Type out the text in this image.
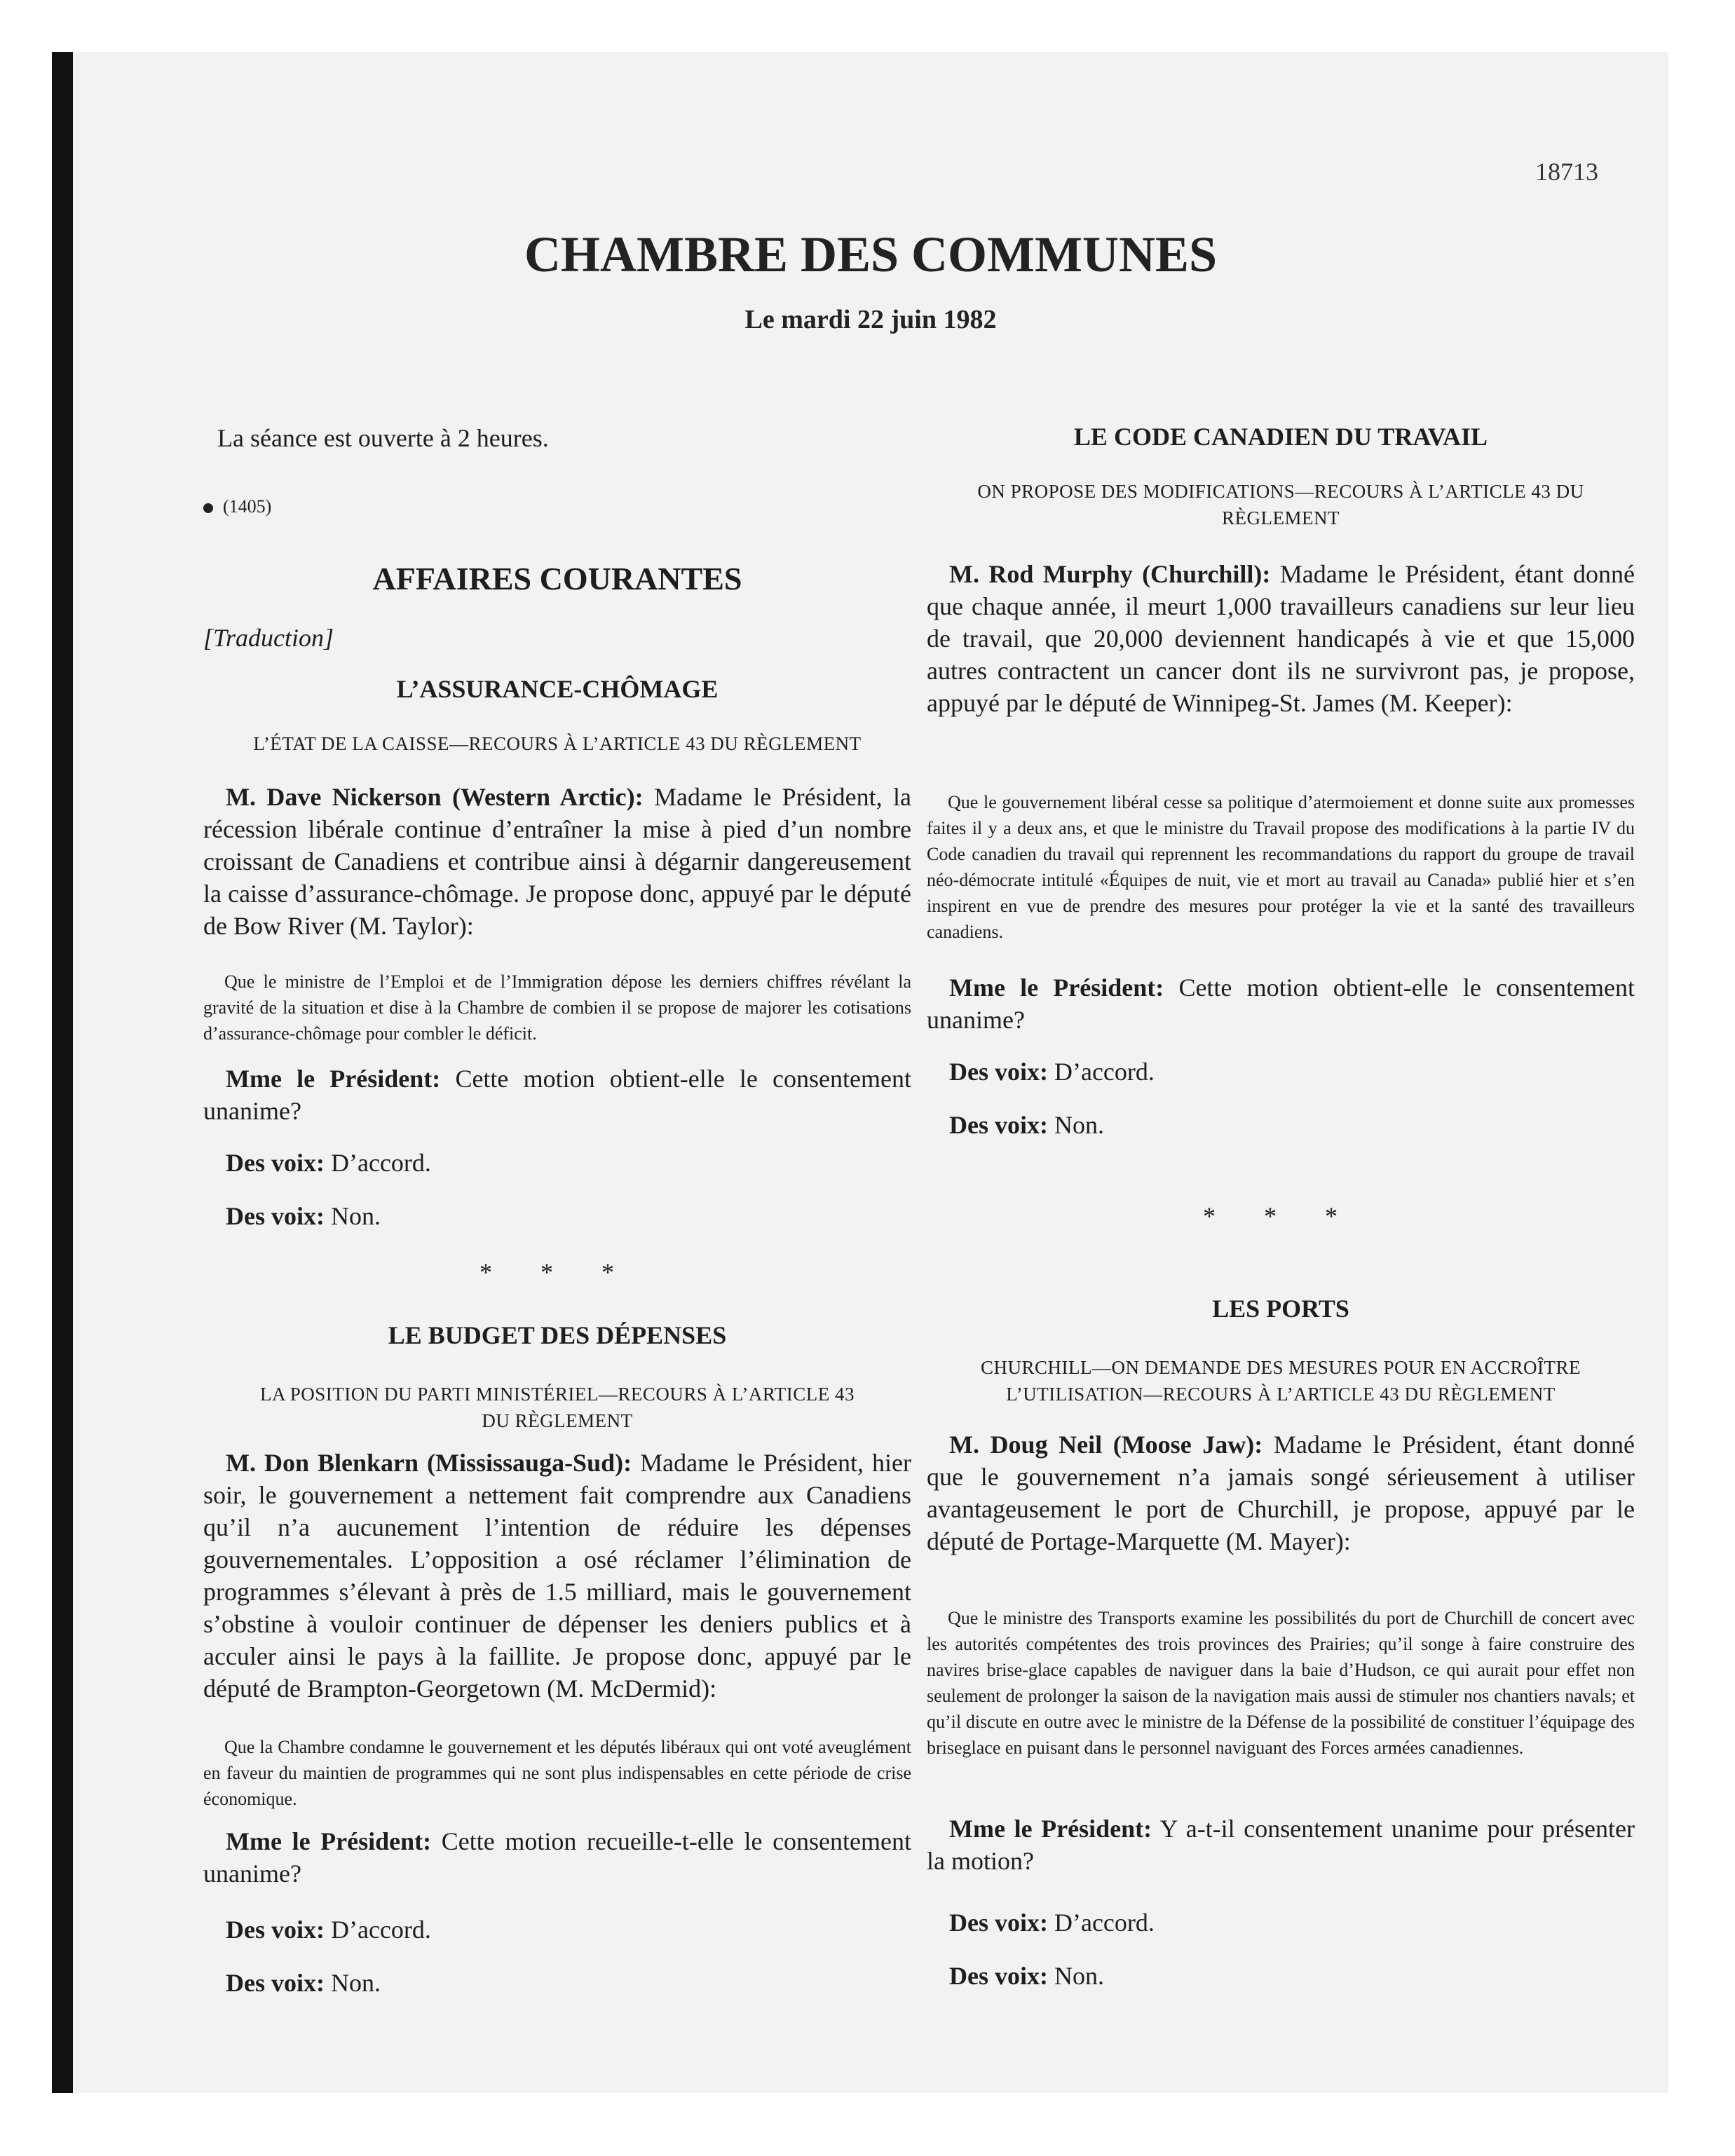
18713

CHAMBRE DES COMMUNES

Le mardi 22 juin 1982

La séance est ouverte à 2 heures.

(1405)

AFFAIRES COURANTES

[Traduction]

L’ASSURANCE-CHÔMAGE

L’ÉTAT DE LA CAISSE—RECOURS À L’ARTICLE 43 DU RÈGLEMENT

M. Dave Nickerson (Western Arctic): Madame le Président, la récession libérale continue d’entraîner la mise à pied d’un nombre croissant de Canadiens et contribue ainsi à dégarnir dangereusement la caisse d’assurance-chômage. Je propose donc, appuyé par le député de Bow River (M. Taylor):

Que le ministre de l’Emploi et de l’Immigration dépose les derniers chiffres révélant la gravité de la situation et dise à la Chambre de combien il se propose de majorer les cotisations d’assurance-chômage pour combler le déficit.

Mme le Président: Cette motion obtient-elle le consentement unanime?

Des voix: D’accord.

Des voix: Non.

* * *

LE BUDGET DES DÉPENSES

LA POSITION DU PARTI MINISTÉRIEL—RECOURS À L’ARTICLE 43 DU RÈGLEMENT

M. Don Blenkarn (Mississauga-Sud): Madame le Président, hier soir, le gouvernement a nettement fait comprendre aux Canadiens qu’il n’a aucunement l’intention de réduire les dépenses gouvernementales. L’opposition a osé réclamer l’élimination de programmes s’élevant à près de 1.5 milliard, mais le gouvernement s’obstine à vouloir continuer de dépenser les deniers publics et à acculer ainsi le pays à la faillite. Je propose donc, appuyé par le député de Brampton-Georgetown (M. McDermid):

Que la Chambre condamne le gouvernement et les députés libéraux qui ont voté aveuglément en faveur du maintien de programmes qui ne sont plus indispensables en cette période de crise économique.

Mme le Président: Cette motion recueille-t-elle le consentement unanime?

Des voix: D’accord.

Des voix: Non.

LE CODE CANADIEN DU TRAVAIL

ON PROPOSE DES MODIFICATIONS—RECOURS À L’ARTICLE 43 DU RÈGLEMENT

M. Rod Murphy (Churchill): Madame le Président, étant donné que chaque année, il meurt 1,000 travailleurs canadiens sur leur lieu de travail, que 20,000 deviennent handicapés à vie et que 15,000 autres contractent un cancer dont ils ne survivront pas, je propose, appuyé par le député de Winnipeg-St. James (M. Keeper):

Que le gouvernement libéral cesse sa politique d’atermoiement et donne suite aux promesses faites il y a deux ans, et que le ministre du Travail propose des modifications à la partie IV du Code canadien du travail qui reprennent les recommandations du rapport du groupe de travail néo-démocrate intitulé «Équipes de nuit, vie et mort au travail au Canada» publié hier et s’en inspirent en vue de prendre des mesures pour protéger la vie et la santé des travailleurs canadiens.

Mme le Président: Cette motion obtient-elle le consentement unanime?

Des voix: D’accord.

Des voix: Non.

* * *

LES PORTS

CHURCHILL—ON DEMANDE DES MESURES POUR EN ACCROÎTRE L’UTILISATION—RECOURS À L’ARTICLE 43 DU RÈGLEMENT

M. Doug Neil (Moose Jaw): Madame le Président, étant donné que le gouvernement n’a jamais songé sérieusement à utiliser avantageusement le port de Churchill, je propose, appuyé par le député de Portage-Marquette (M. Mayer):

Que le ministre des Transports examine les possibilités du port de Churchill de concert avec les autorités compétentes des trois provinces des Prairies; qu’il songe à faire construire des navires brise-glace capables de naviguer dans la baie d’Hudson, ce qui aurait pour effet non seulement de prolonger la saison de la navigation mais aussi de stimuler nos chantiers navals; et qu’il discute en outre avec le ministre de la Défense de la possibilité de constituer l’équipage des briseglace en puisant dans le personnel naviguant des Forces armées canadiennes.

Mme le Président: Y a-t-il consentement unanime pour présenter la motion?

Des voix: D’accord.

Des voix: Non.
